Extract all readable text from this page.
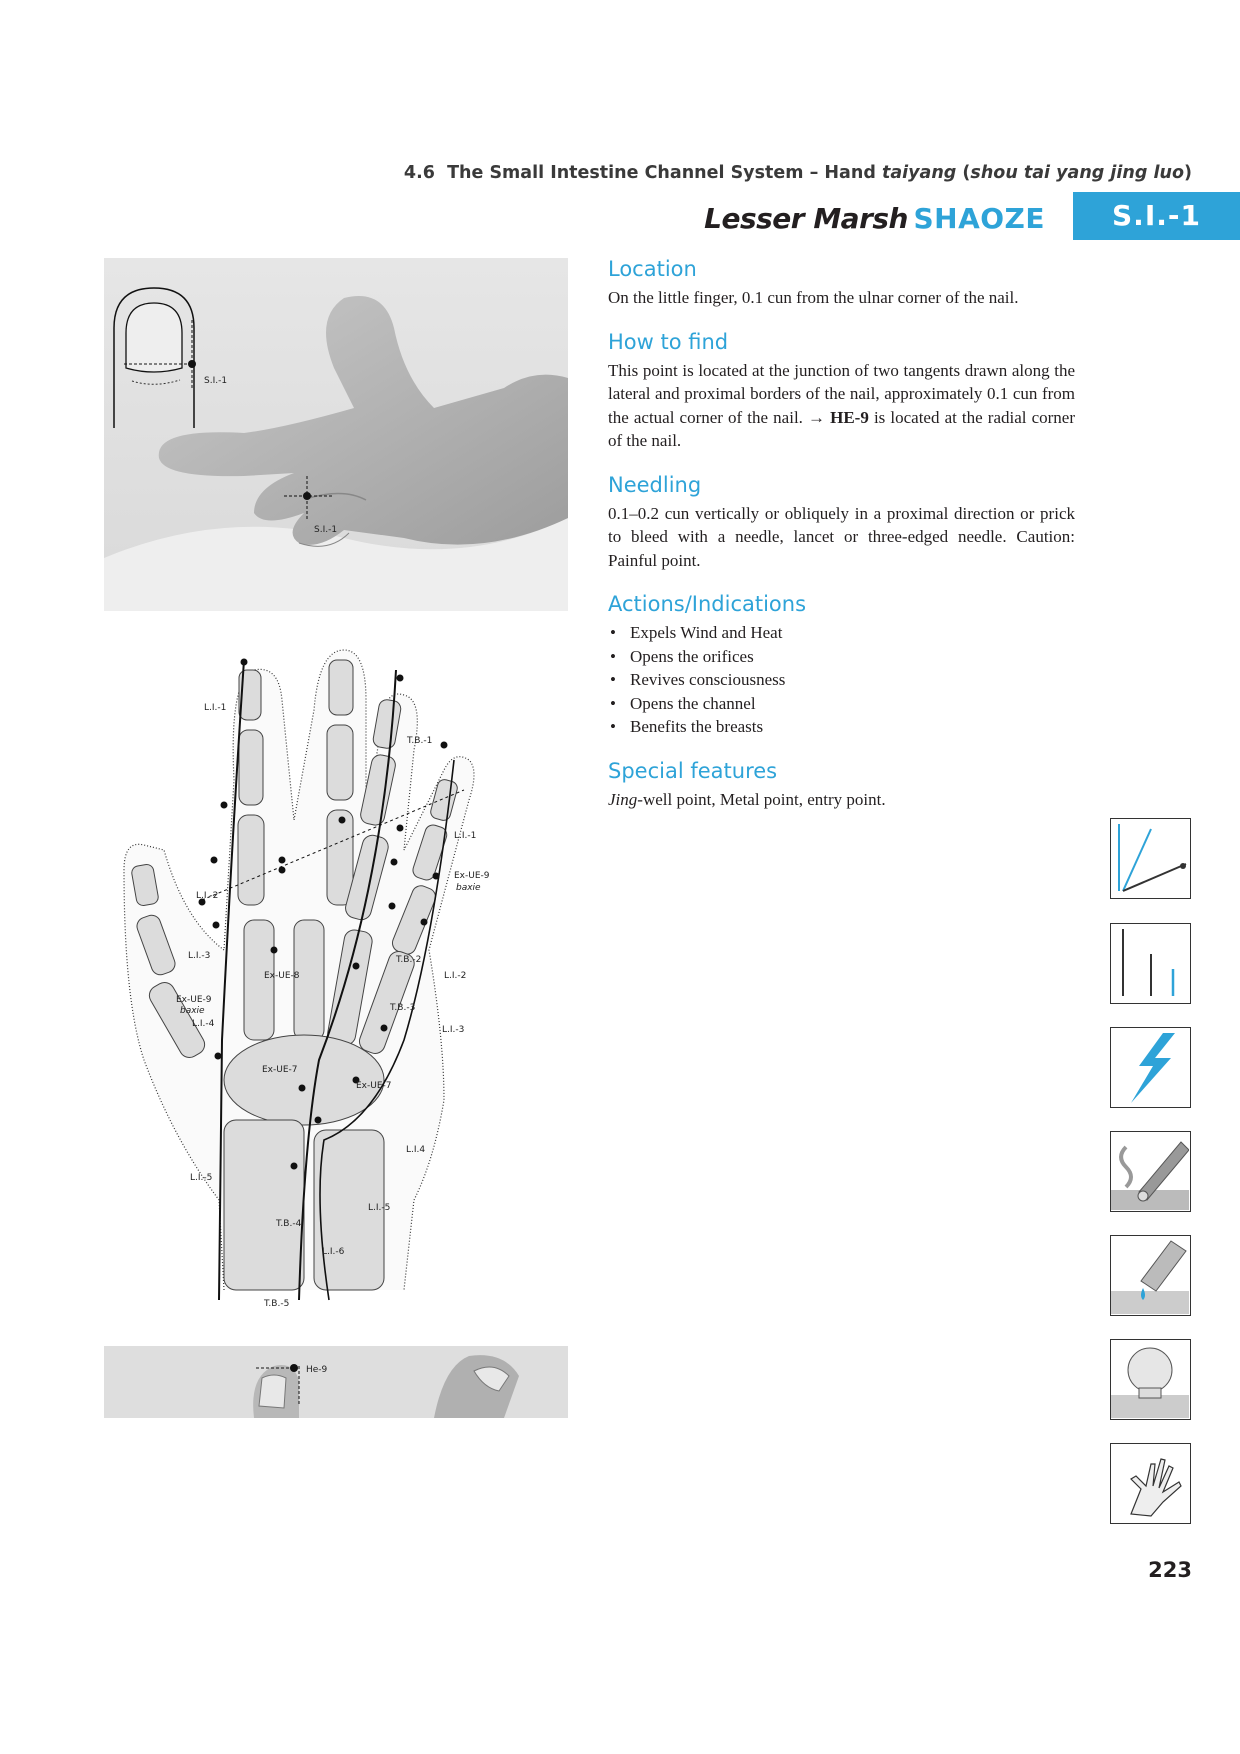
4.6 The Small Intestine Channel System – Hand taiyang (shou tai yang jing luo)
Lesser Marsh SHAOZE	S.I.-1
S.I.-1
S.I.-1
L.I.-1
T.B.-1
L.I.-1
Ex-UE-9
baxie
L.I.-2
L.I.-3	T.B.-2
Ex-UE-8	L.I.-2
Ex-UE-9
baxie
L.I.-4
T.B.-3
L.I.-3
Ex-UE-7
Ex-UE-7
L.I.4
L.I.-5
L.I.-5
T.B.-4
L.I.-6
T.B.-5
He-9
Location

On the little finger, 0.1 cun from the ulnar corner of the nail.

How to find

This point is located at the junction of two tangents drawn along the lateral and proximal borders of the nail, approximately 0.1 cun from the actual corner of the nail. → HE-9 is located at the radial corner of the nail.

Needling

0.1–0.2 cun vertically or obliquely in a proximal direction or prick to bleed with a needle, lancet or three-edged needle. Caution: Painful point.

Actions/Indications
• Expels Wind and Heat
• Opens the orifices
• Revives consciousness
• Opens the channel
• Benefits the breasts
Special features

Jing-well point, Metal point, entry point.

223
